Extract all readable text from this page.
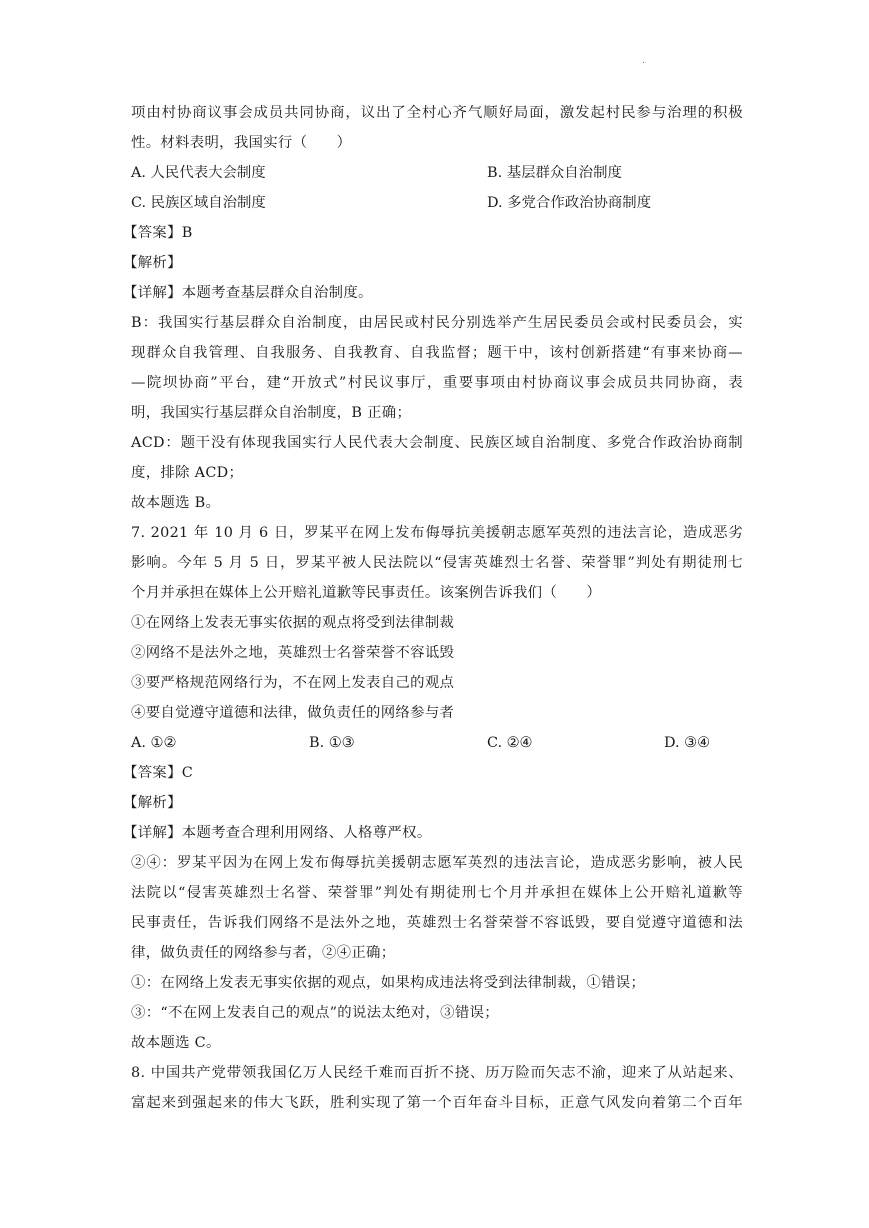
.
项由村协商议事会成员共同协商，议出了全村心齐气顺好局面，激发起村民参与治理的积极
性。材料表明，我国实行（　　）
A. 人民代表大会制度	B. 基层群众自治制度
C. 民族区域自治制度	D. 多党合作政治协商制度
【答案】B
【解析】
【详解】本题考查基层群众自治制度。
B：我国实行基层群众自治制度，由居民或村民分别选举产生居民委员会或村民委员会，实
现群众自我管理、自我服务、自我教育、自我监督；题干中，该村创新搭建“有事来协商—
—院坝协商”平台，建“开放式”村民议事厅，重要事项由村协商议事会成员共同协商，表
明，我国实行基层群众自治制度，B 正确；
ACD：题干没有体现我国实行人民代表大会制度、民族区域自治制度、多党合作政治协商制
度，排除 ACD；
故本题选 B。
7. 2021 年 10 月 6 日，罗某平在网上发布侮辱抗美援朝志愿军英烈的违法言论，造成恶劣
影响。今年 5 月 5 日，罗某平被人民法院以“侵害英雄烈士名誉、荣誉罪”判处有期徒刑七
个月并承担在媒体上公开赔礼道歉等民事责任。该案例告诉我们（　　）
①在网络上发表无事实依据的观点将受到法律制裁
②网络不是法外之地，英雄烈士名誉荣誉不容诋毁
③要严格规范网络行为，不在网上发表自己的观点
④要自觉遵守道德和法律，做负责任的网络参与者
A. ①②	B. ①③	C. ②④	D. ③④
【答案】C
【解析】
【详解】本题考查合理利用网络、人格尊严权。
②④：罗某平因为在网上发布侮辱抗美援朝志愿军英烈的违法言论，造成恶劣影响，被人民
法院以“侵害英雄烈士名誉、荣誉罪”判处有期徒刑七个月并承担在媒体上公开赔礼道歉等
民事责任，告诉我们网络不是法外之地，英雄烈士名誉荣誉不容诋毁，要自觉遵守道德和法
律，做负责任的网络参与者，②④正确；
①：在网络上发表无事实依据的观点，如果构成违法将受到法律制裁，①错误；
③：“不在网上发表自己的观点”的说法太绝对，③错误；
故本题选 C。
8. 中国共产党带领我国亿万人民经千难而百折不挠、历万险而矢志不渝，迎来了从站起来、
富起来到强起来的伟大飞跃，胜利实现了第一个百年奋斗目标，正意气风发向着第二个百年
